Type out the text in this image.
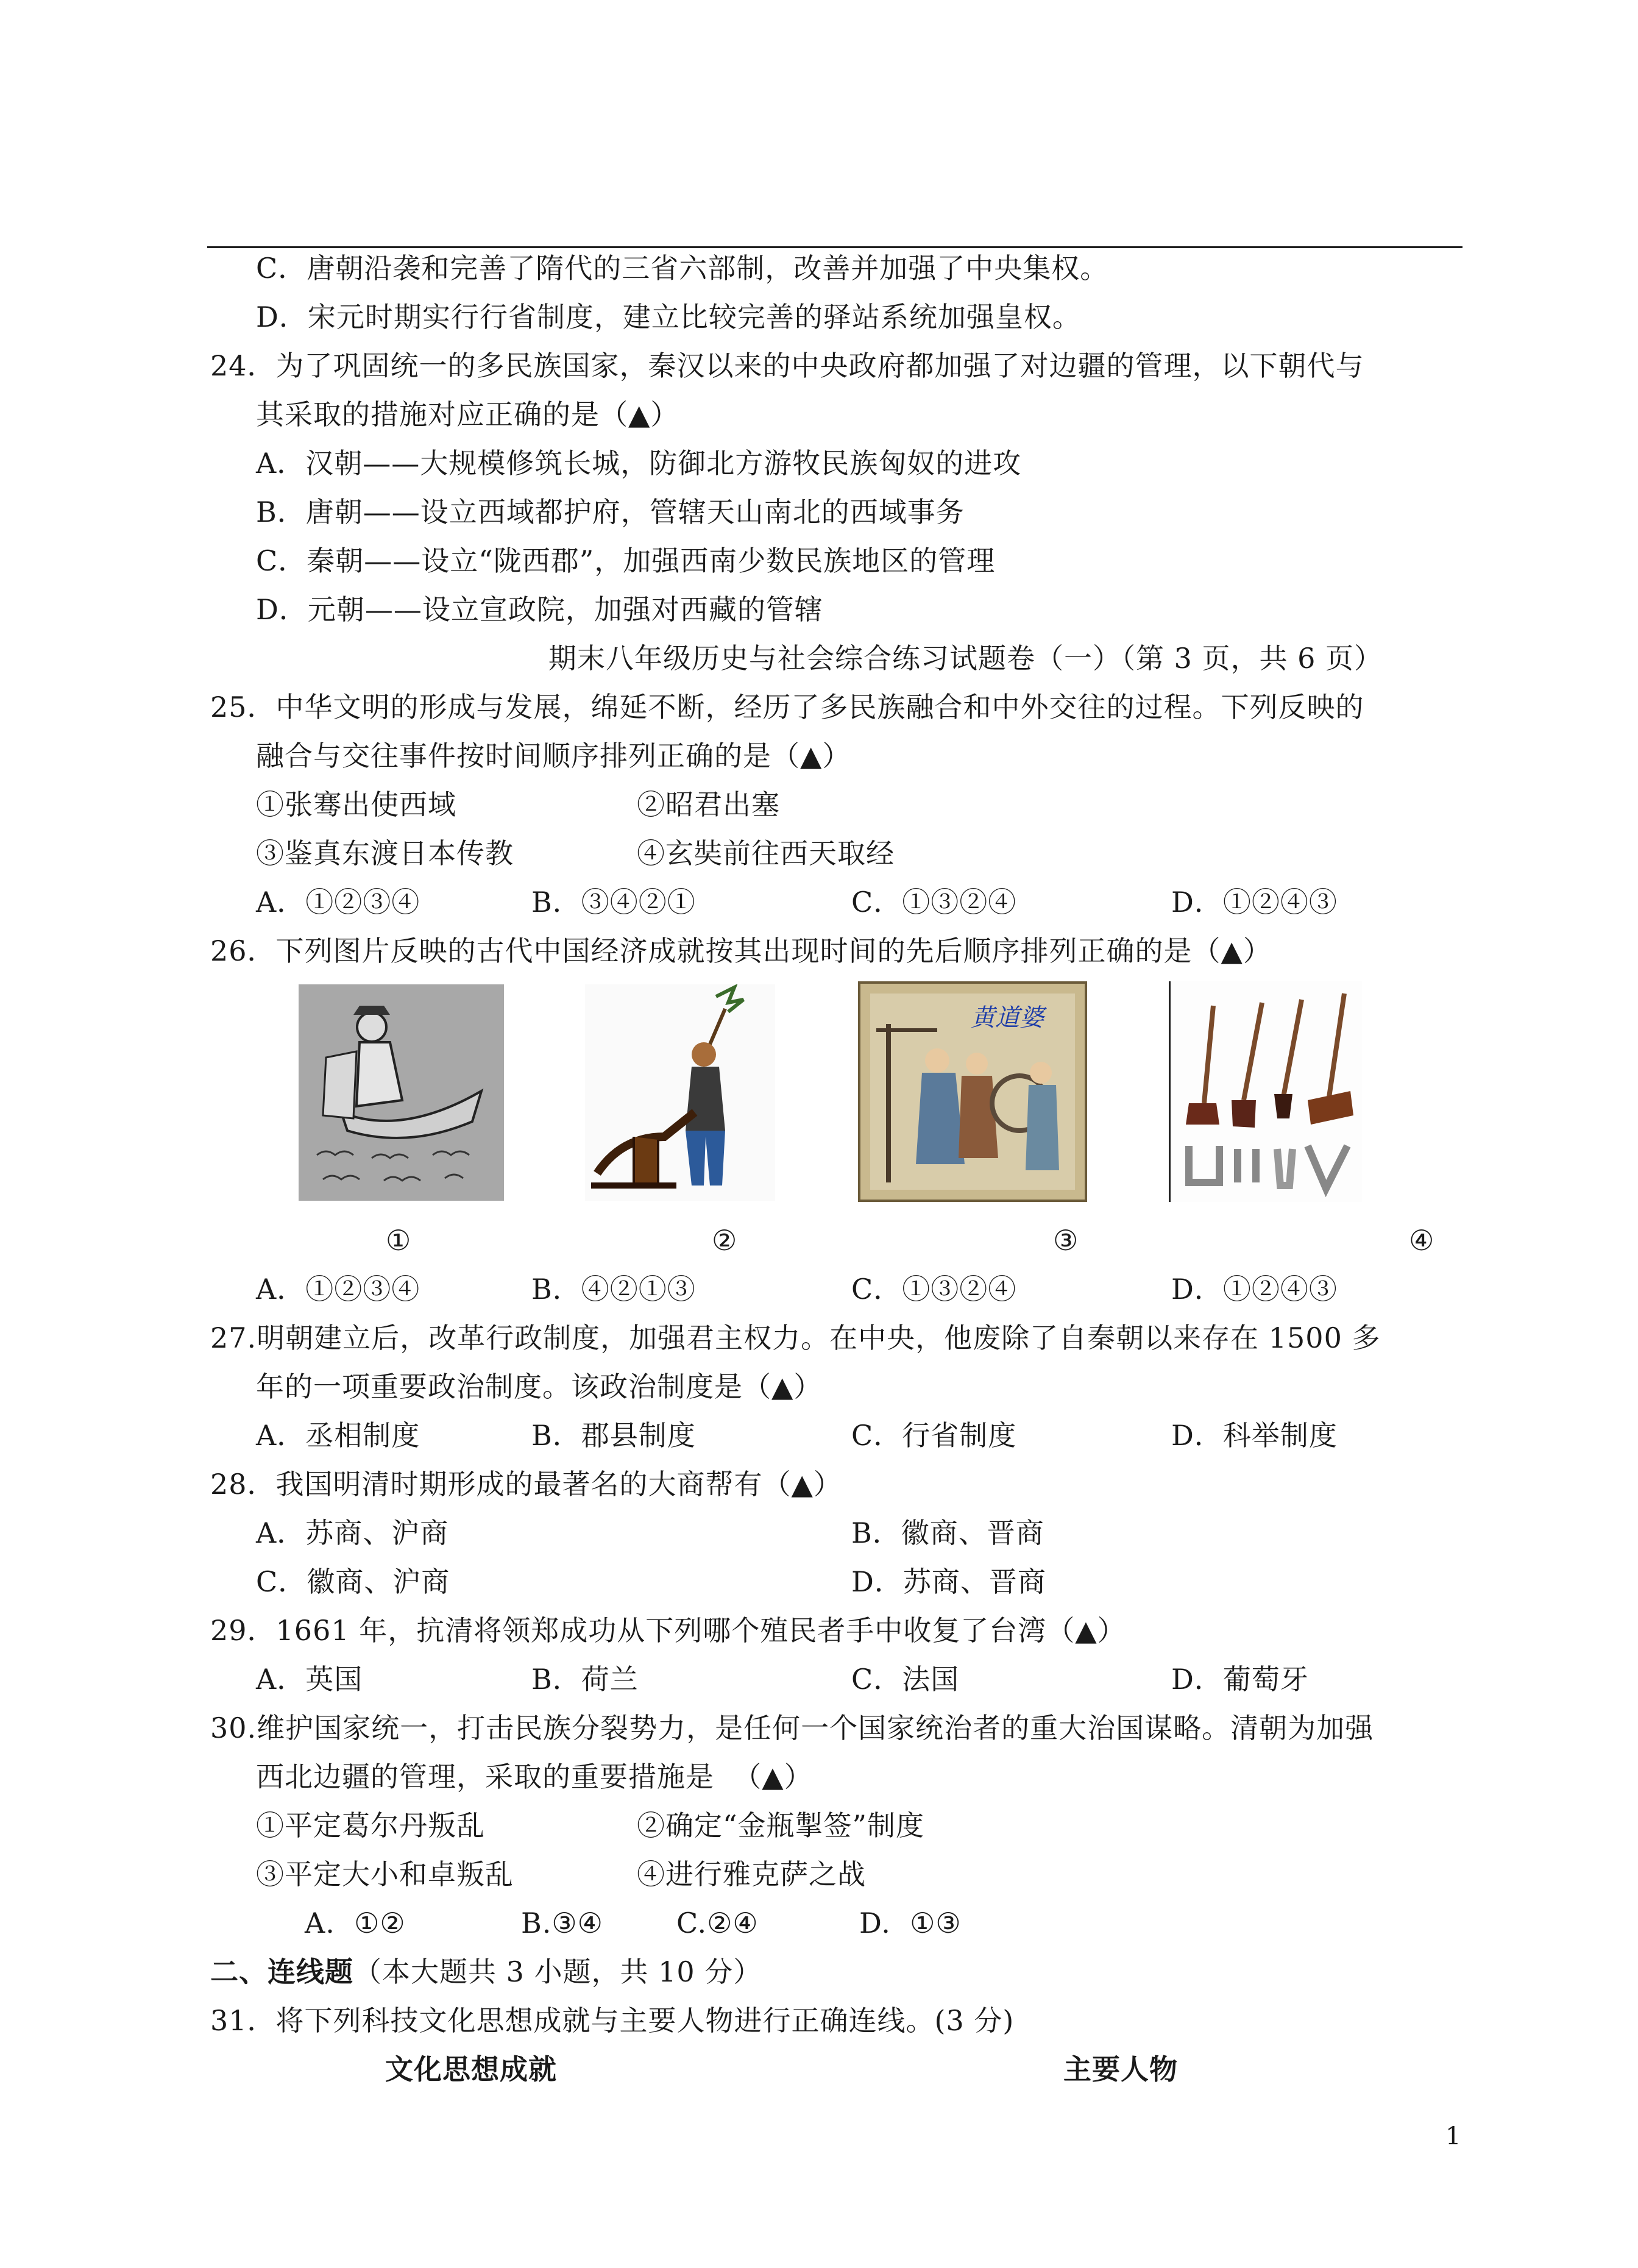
C．唐朝沿袭和完善了隋代的三省六部制，改善并加强了中央集权。
D．宋元时期实行行省制度，建立比较完善的驿站系统加强皇权。
24．为了巩固统一的多民族国家，秦汉以来的中央政府都加强了对边疆的管理，以下朝代与
其采取的措施对应正确的是（▲）
A．汉朝——大规模修筑长城，防御北方游牧民族匈奴的进攻
B．唐朝——设立西域都护府，管辖天山南北的西域事务
C．秦朝——设立“陇西郡”，加强西南少数民族地区的管理
D．元朝——设立宣政院，加强对西藏的管辖
期末八年级历史与社会综合练习试题卷（一）（第 3 页，共 6 页）
25．中华文明的形成与发展，绵延不断，经历了多民族融合和中外交往的过程。下列反映的
融合与交往事件按时间顺序排列正确的是（▲）
①张骞出使西域	②昭君出塞
③鉴真东渡日本传教	④玄奘前往西天取经
A．①②③④	B．③④②①	C．①③②④	D．①②④③
26．下列图片反映的古代中国经济成就按其出现时间的先后顺序排列正确的是（▲）
黄道婆
①	②	③	④
A．①②③④	B．④②①③	C．①③②④	D．①②④③
27.明朝建立后，改革行政制度，加强君主权力。在中央，他废除了自秦朝以来存在 1500 多
年的一项重要政治制度。该政治制度是（▲）
A．丞相制度	B．郡县制度	C．行省制度	D．科举制度
28．我国明清时期形成的最著名的大商帮有（▲）
A．苏商、沪商	B．徽商、晋商
C．徽商、沪商	D．苏商、晋商
29．1661 年，抗清将领郑成功从下列哪个殖民者手中收复了台湾（▲）
A．英国	B．荷兰	C．法国	D．葡萄牙
30.维护国家统一，打击民族分裂势力，是任何一个国家统治者的重大治国谋略。清朝为加强
西北边疆的管理，采取的重要措施是  （▲）
①平定葛尔丹叛乱	②确定“金瓶掣签”制度
③平定大小和卓叛乱	④进行雅克萨之战
A.  ①②	B.③④	C.②④	D.  ①③
二、连线题（本大题共 3 小题，共 10 分）
31．将下列科技文化思想成就与主要人物进行正确连线。(3 分)
文化思想成就	主要人物
1
